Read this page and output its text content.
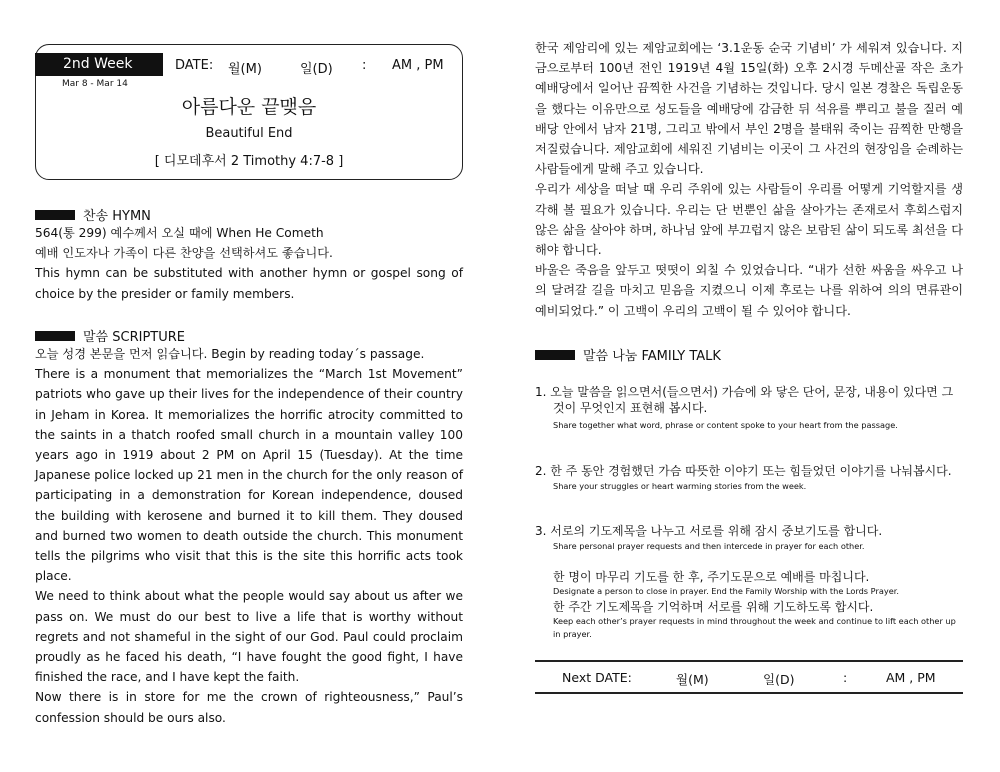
2nd Week	DATE: 월(M)	일(D) : AM , PM
Mar 8 - Mar 14
아름다운 끝맺음
Beautiful End
[ 디모데후서 2 Timothy 4:7-8 ]
찬송 HYMN

564(통 299) 예수께서 오실 때에 When He Cometh

예배 인도자나 가족이 다른 찬양을 선택하셔도 좋습니다.

This hymn can be substituted with another hymn or gospel song of choice by the presider or family members.

말씀 SCRIPTURE

오늘 성경 본문을 먼저 읽습니다. Begin by reading today´s passage.

There is a monument that memorializes the “March 1st Movement” patriots who gave up their lives for the independence of their country in Jeham in Korea. It memorializes the horrific atrocity committed to the saints in a thatch roofed small church in a mountain valley 100 years ago in 1919 about 2 PM on April 15 (Tuesday). At the time Japanese police locked up 21 men in the church for the only reason of participating in a demonstration for Korean independence, doused the building with kerosene and burned it to kill them. They doused and burned two women to death outside the church. This monument tells the pilgrims who visit that this is the site this horrific acts took place.

We need to think about what the people would say about us after we pass on. We must do our best to live a life that is worthy without regrets and not shameful in the sight of our God. Paul could proclaim proudly as he faced his death, “I have fought the good fight, I have finished the race, and I have kept the faith.

Now there is in store for me the crown of righteousness,” Paul’s confession should be ours also.

한국 제암리에 있는 제암교회에는 ‘3.1운동 순국 기념비’ 가 세워져 있습니다. 지금으로부터 100년 전인 1919년 4월 15일(화) 오후 2시경 두메산골 작은 초가 예배당에서 일어난 끔찍한 사건을 기념하는 것입니다. 당시 일본 경찰은 독립운동을 했다는 이유만으로 성도들을 예배당에 감금한 뒤 석유를 뿌리고 불을 질러 예배당 안에서 남자 21명, 그리고 밖에서 부인 2명을 불태워 죽이는 끔찍한 만행을 저질렀습니다. 제암교회에 세워진 기념비는 이곳이 그 사건의 현장임을 순례하는 사람들에게 말해 주고 있습니다.

우리가 세상을 떠날 때 우리 주위에 있는 사람들이 우리를 어떻게 기억할지를 생각해 볼 필요가 있습니다. 우리는 단 번뿐인 삶을 살아가는 존재로서 후회스럽지 않은 삶을 살아야 하며, 하나님 앞에 부끄럽지 않은 보람된 삶이 되도록 최선을 다해야 합니다.

바울은 죽음을 앞두고 떳떳이 외칠 수 있었습니다. “내가 선한 싸움을 싸우고 나의 달려갈 길을 마치고 믿음을 지켰으니 이제 후로는 나를 위하여 의의 면류관이 예비되었다.” 이 고백이 우리의 고백이 될 수 있어야 합니다.

말씀 나눔 FAMILY TALK
1. 오늘 말씀을 읽으면서(들으면서) 가슴에 와 닿은 단어, 문장, 내용이 있다면 그것이 무엇인지 표현해 봅시다.
Share together what word, phrase or content spoke to your heart from the passage.
2. 한 주 동안 경험했던 가슴 따뜻한 이야기 또는 힘들었던 이야기를 나눠봅시다.
Share your struggles or heart warming stories from the week.
3. 서로의 기도제목을 나누고 서로를 위해 잠시 중보기도를 합니다.
Share personal prayer requests and then intercede in prayer for each other.
한 명이 마무리 기도를 한 후, 주기도문으로 예배를 마칩니다.
Designate a person to close in prayer. End the Family Worship with the Lords Prayer.
한 주간 기도제목을 기억하며 서로를 위해 기도하도록 합시다.
Keep each other’s prayer requests in mind throughout the week and continue to lift each other up in prayer.
Next DATE:	월(M)	일(D)	:	AM , PM
